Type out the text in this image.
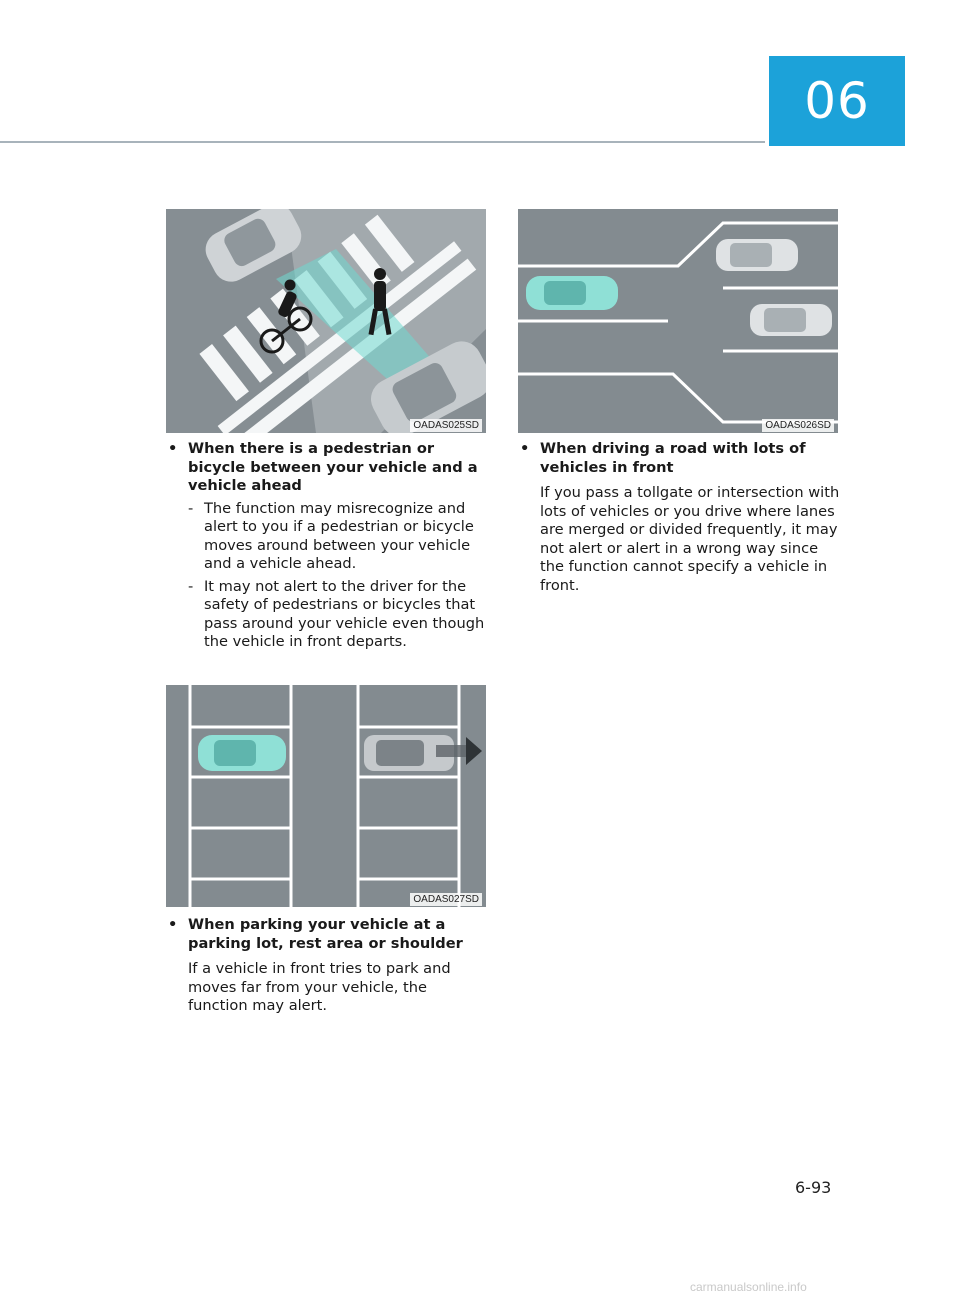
06
OADAS025SD	OADAS026SD
OADAS027SD
• When there is a pedestrian or bicycle between your vehicle and a vehicle ahead
- The function may misrecognize and alert to you if a pedestrian or bicycle moves around between your vehicle and a vehicle ahead.
- It may not alert to the driver for the safety of pedestrians or bicycles that pass around your vehicle even though the vehicle in front departs.
• When driving a road with lots of vehicles in front
If you pass a tollgate or intersection with lots of vehicles or you drive where lanes are merged or divided frequently, it may not alert or alert in a wrong way since the function cannot specify a vehicle in front.
• When parking your vehicle at a parking lot, rest area or shoulder
If a vehicle in front tries to park and moves far from your vehicle, the function may alert.
6-93
carmanualsonline.info
